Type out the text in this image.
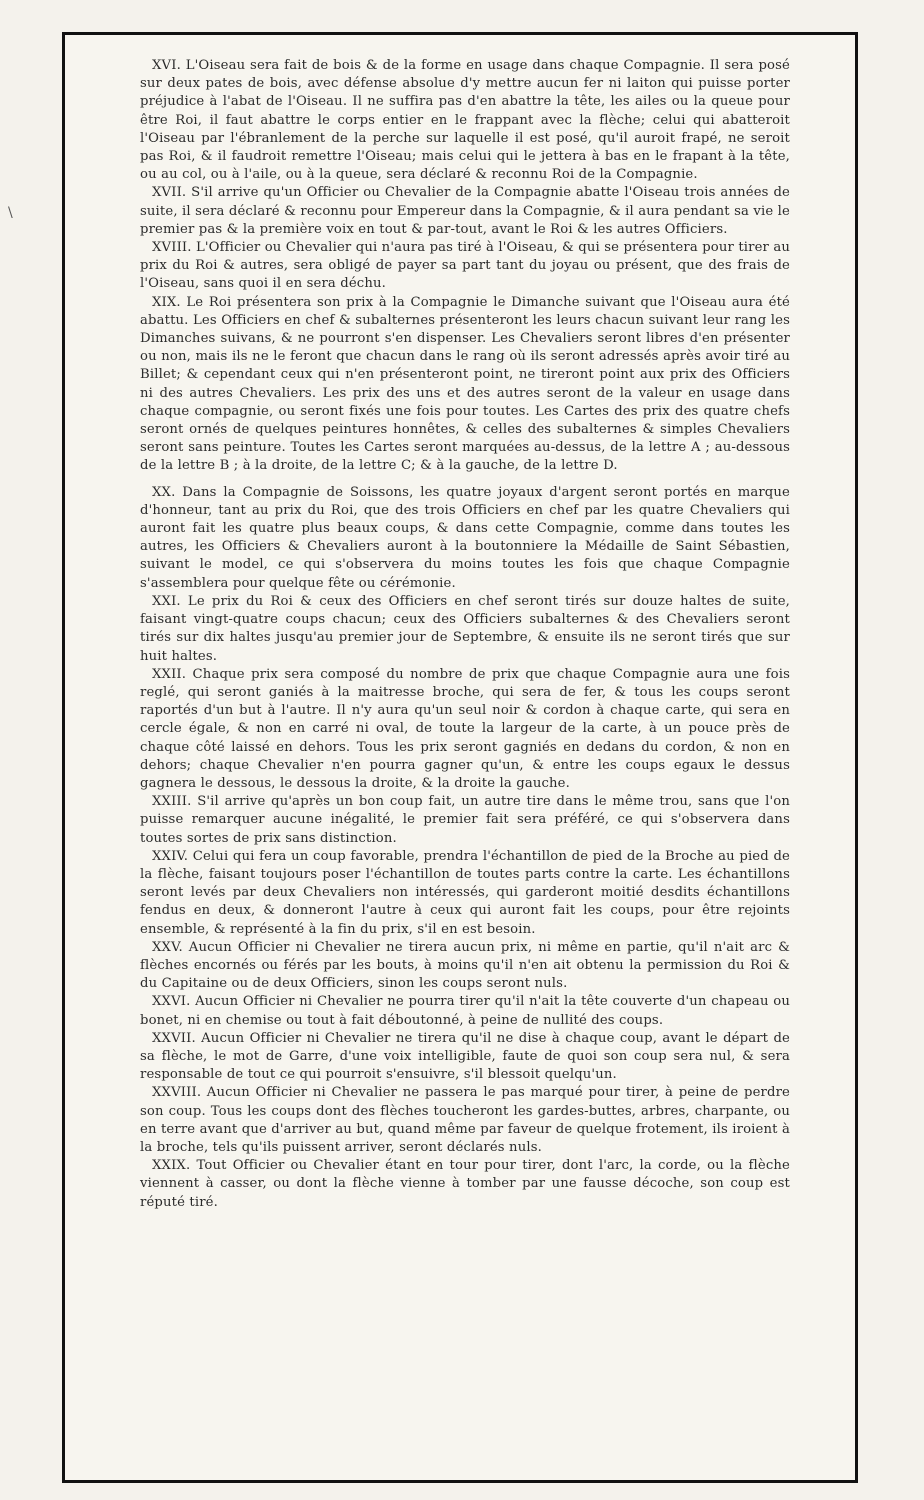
\

XVI. L'Oiseau sera fait de bois & de la forme en usage dans chaque Compagnie. Il sera posé sur deux pates de bois, avec défense absolue d'y mettre aucun fer ni laiton qui puisse porter préjudice à l'abat de l'Oiseau. Il ne suffira pas d'en abattre la tête, les ailes ou la queue pour être Roi, il faut abattre le corps entier en le frappant avec la flèche; celui qui abatteroit l'Oiseau par l'ébranlement de la perche sur laquelle il est posé, qu'il auroit frapé, ne seroit pas Roi, & il faudroit remettre l'Oiseau; mais celui qui le jettera à bas en le frapant à la tête, ou au col, ou à l'aile, ou à la queue, sera déclaré & reconnu Roi de la Compagnie.

XVII. S'il arrive qu'un Officier ou Chevalier de la Compagnie abatte l'Oiseau trois années de suite, il sera déclaré & reconnu pour Empereur dans la Compagnie, & il aura pendant sa vie le premier pas & la première voix en tout & par-tout, avant le Roi & les autres Officiers.

XVIII. L'Officier ou Chevalier qui n'aura pas tiré à l'Oiseau, & qui se présentera pour tirer au prix du Roi & autres, sera obligé de payer sa part tant du joyau ou présent, que des frais de l'Oiseau, sans quoi il en sera déchu.

XIX. Le Roi présentera son prix à la Compagnie le Dimanche suivant que l'Oiseau aura été abattu. Les Officiers en chef & subalternes présenteront les leurs chacun suivant leur rang les Dimanches suivans, & ne pourront s'en dispenser. Les Chevaliers seront libres d'en présenter ou non, mais ils ne le feront que chacun dans le rang où ils seront adressés après avoir tiré au Billet; & cependant ceux qui n'en présenteront point, ne tireront point aux prix des Officiers ni des autres Chevaliers. Les prix des uns et des autres seront de la valeur en usage dans chaque compagnie, ou seront fixés une fois pour toutes. Les Cartes des prix des quatre chefs seront ornés de quelques peintures honnêtes, & celles des subalternes & simples Chevaliers seront sans peinture. Toutes les Cartes seront marquées au-dessus, de la lettre A ; au-dessous de la lettre B ; à la droite, de la lettre C; & à la gauche, de la lettre D.

XX. Dans la Compagnie de Soissons, les quatre joyaux d'argent seront portés en marque d'honneur, tant au prix du Roi, que des trois Officiers en chef par les quatre Chevaliers qui auront fait les quatre plus beaux coups, & dans cette Compagnie, comme dans toutes les autres, les Officiers & Chevaliers auront à la boutonniere la Médaille de Saint Sébastien, suivant le model, ce qui s'observera du moins toutes les fois que chaque Compagnie s'assemblera pour quelque fête ou cérémonie.

XXI. Le prix du Roi & ceux des Officiers en chef seront tirés sur douze haltes de suite, faisant vingt-quatre coups chacun; ceux des Officiers subalternes & des Chevaliers seront tirés sur dix haltes jusqu'au premier jour de Septembre, & ensuite ils ne seront tirés que sur huit haltes.

XXII. Chaque prix sera composé du nombre de prix que chaque Compagnie aura une fois reglé, qui seront ganiés à la maitresse broche, qui sera de fer, & tous les coups seront raportés d'un but à l'autre. Il n'y aura qu'un seul noir & cordon à chaque carte, qui sera en cercle égale, & non en carré ni oval, de toute la largeur de la carte, à un pouce près de chaque côté laissé en dehors. Tous les prix seront gagniés en dedans du cordon, & non en dehors; chaque Chevalier n'en pourra gagner qu'un, & entre les coups egaux le dessus gagnera le dessous, le dessous la droite, & la droite la gauche.

XXIII. S'il arrive qu'après un bon coup fait, un autre tire dans le même trou, sans que l'on puisse remarquer aucune inégalité, le premier fait sera préféré, ce qui s'observera dans toutes sortes de prix sans distinction.

XXIV. Celui qui fera un coup favorable, prendra l'échantillon de pied de la Broche au pied de la flèche, faisant toujours poser l'échantillon de toutes parts contre la carte. Les échantillons seront levés par deux Chevaliers non intéressés, qui garderont moitié desdits échantillons fendus en deux, & donneront l'autre à ceux qui auront fait les coups, pour être rejoints ensemble, & représenté à la fin du prix, s'il en est besoin.

XXV. Aucun Officier ni Chevalier ne tirera aucun prix, ni même en partie, qu'il n'ait arc & flèches encornés ou férés par les bouts, à moins qu'il n'en ait obtenu la permission du Roi & du Capitaine ou de deux Officiers, sinon les coups seront nuls.

XXVI. Aucun Officier ni Chevalier ne pourra tirer qu'il n'ait la tête couverte d'un chapeau ou bonet, ni en chemise ou tout à fait déboutonné, à peine de nullité des coups.

XXVII. Aucun Officier ni Chevalier ne tirera qu'il ne dise à chaque coup, avant le départ de sa flèche, le mot de Garre, d'une voix intelligible, faute de quoi son coup sera nul, & sera responsable de tout ce qui pourroit s'ensuivre, s'il blessoit quelqu'un.

XXVIII. Aucun Officier ni Chevalier ne passera le pas marqué pour tirer, à peine de perdre son coup. Tous les coups dont des flèches toucheront les gardes-buttes, arbres, charpante, ou en terre avant que d'arriver au but, quand même par faveur de quelque frotement, ils iroient à la broche, tels qu'ils puissent arriver, seront déclarés nuls.

XXIX. Tout Officier ou Chevalier étant en tour pour tirer, dont l'arc, la corde, ou la flèche viennent à casser, ou dont la flèche vienne à tomber par une fausse décoche, son coup est réputé tiré.
